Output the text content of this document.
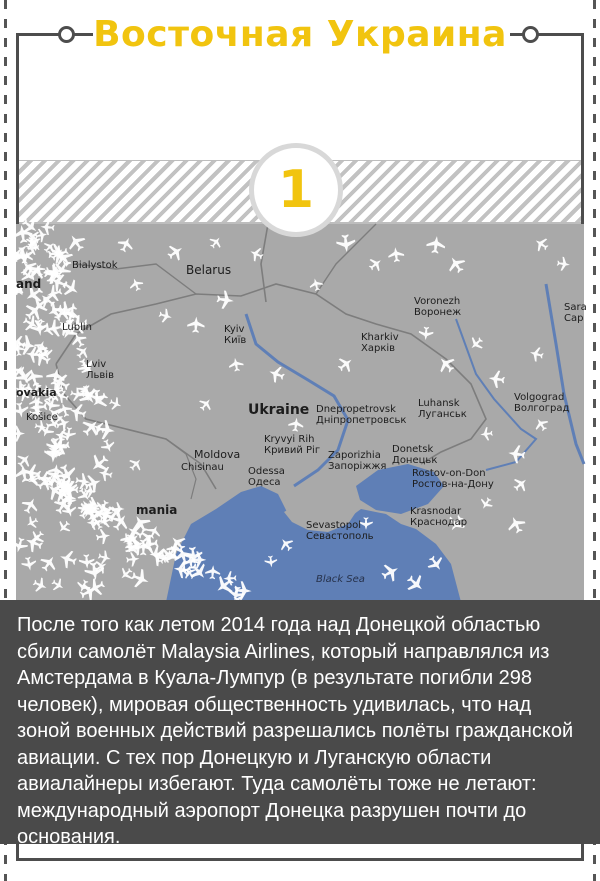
Восточная Украина
1
Bialystok	Belarus
Lublin
Lviv Львів
Kyiv Київ	Kharkiv Харків
Voronezh Воронеж	Sara Сар
Ukraine Dnepropetrovsk Дніпропетровськ
Luhansk Луганськ
Volgograd Волгоград
Kryvyi Rih Кривий Ріг Zaporizhia Запоріжжя
Donetsk Донецьк
Rostov-on-Don Ростов-на-Дону
Moldova
Chisinau Odessa Одеса
Krasnodar Краснодар
Sevastopol Севастополь
Black Sea
and
Košice
ovakia
mania

После того как летом 2014 года над Донецкой областью сбили самолёт Malaysia Airlines, который направлялся из Амстердама в Куала-Лумпур (в результате погибли 298 человек), мировая общественность удивилась, что над зоной военных действий разрешались полёты гражданской авиации. С тех пор Донецкую и Луганскую области авиалайнеры избегают. Туда самолёты тоже не летают: международный аэропорт Донецка разрушен почти до основания.
